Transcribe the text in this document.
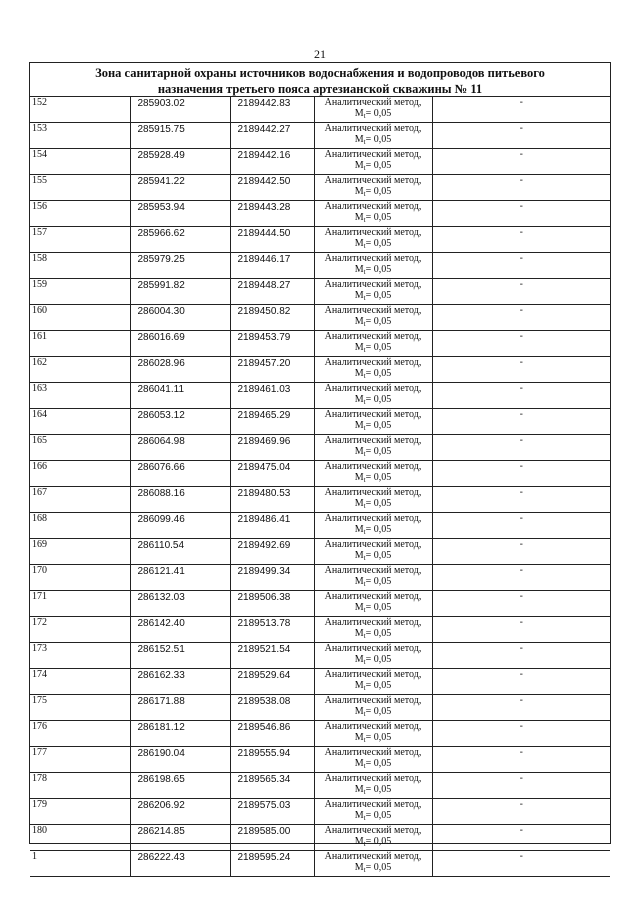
21
Зона санитарной охраны источников водоснабжения и водопроводов питьевого
назначения третьего пояса артезианской скважины № 11
152	285903.02	2189442.83	Аналитический метод,
$M_t= 0,05$	-
153	285915.75	2189442.27	Аналитический метод,
$M_t= 0,05$	-
154	285928.49	2189442.16	Аналитический метод,
$M_t= 0,05$	-
155	285941.22	2189442.50	Аналитический метод,
$M_t= 0,05$	-
156	285953.94	2189443.28	Аналитический метод,
$M_t= 0,05$	-
157	285966.62	2189444.50	Аналитический метод,
$M_t= 0,05$	-
158	285979.25	2189446.17	Аналитический метод,
$M_t= 0,05$	-
159	285991.82	2189448.27	Аналитический метод,
$M_t= 0,05$	-
160	286004.30	2189450.82	Аналитический метод,
$M_t= 0,05$	-
161	286016.69	2189453.79	Аналитический метод,
$M_t= 0,05$	-
162	286028.96	2189457.20	Аналитический метод,
$M_t= 0,05$	-
163	286041.11	2189461.03	Аналитический метод,
$M_t= 0,05$	-
164	286053.12	2189465.29	Аналитический метод,
$M_t= 0,05$	-
165	286064.98	2189469.96	Аналитический метод,
$M_t= 0,05$	-
166	286076.66	2189475.04	Аналитический метод,
$M_t= 0,05$	-
167	286088.16	2189480.53	Аналитический метод,
$M_t= 0,05$	-
168	286099.46	2189486.41	Аналитический метод,
$M_t= 0,05$	-
169	286110.54	2189492.69	Аналитический метод,
$M_t= 0,05$	-
170	286121.41	2189499.34	Аналитический метод,
$M_t= 0,05$	-
171	286132.03	2189506.38	Аналитический метод,
$M_t= 0,05$	-
172	286142.40	2189513.78	Аналитический метод,
$M_t= 0,05$	-
173	286152.51	2189521.54	Аналитический метод,
$M_t= 0,05$	-
174	286162.33	2189529.64	Аналитический метод,
$M_t= 0,05$	-
175	286171.88	2189538.08	Аналитический метод,
$M_t= 0,05$	-
176	286181.12	2189546.86	Аналитический метод,
$M_t= 0,05$	-
177	286190.04	2189555.94	Аналитический метод,
$M_t= 0,05$	-
178	286198.65	2189565.34	Аналитический метод,
$M_t= 0,05$	-
179	286206.92	2189575.03	Аналитический метод,
$M_t= 0,05$	-
180	286214.85	2189585.00	Аналитический метод,
$M_t= 0,05$	-
1	286222.43	2189595.24	Аналитический метод,
$M_t= 0,05$	-
